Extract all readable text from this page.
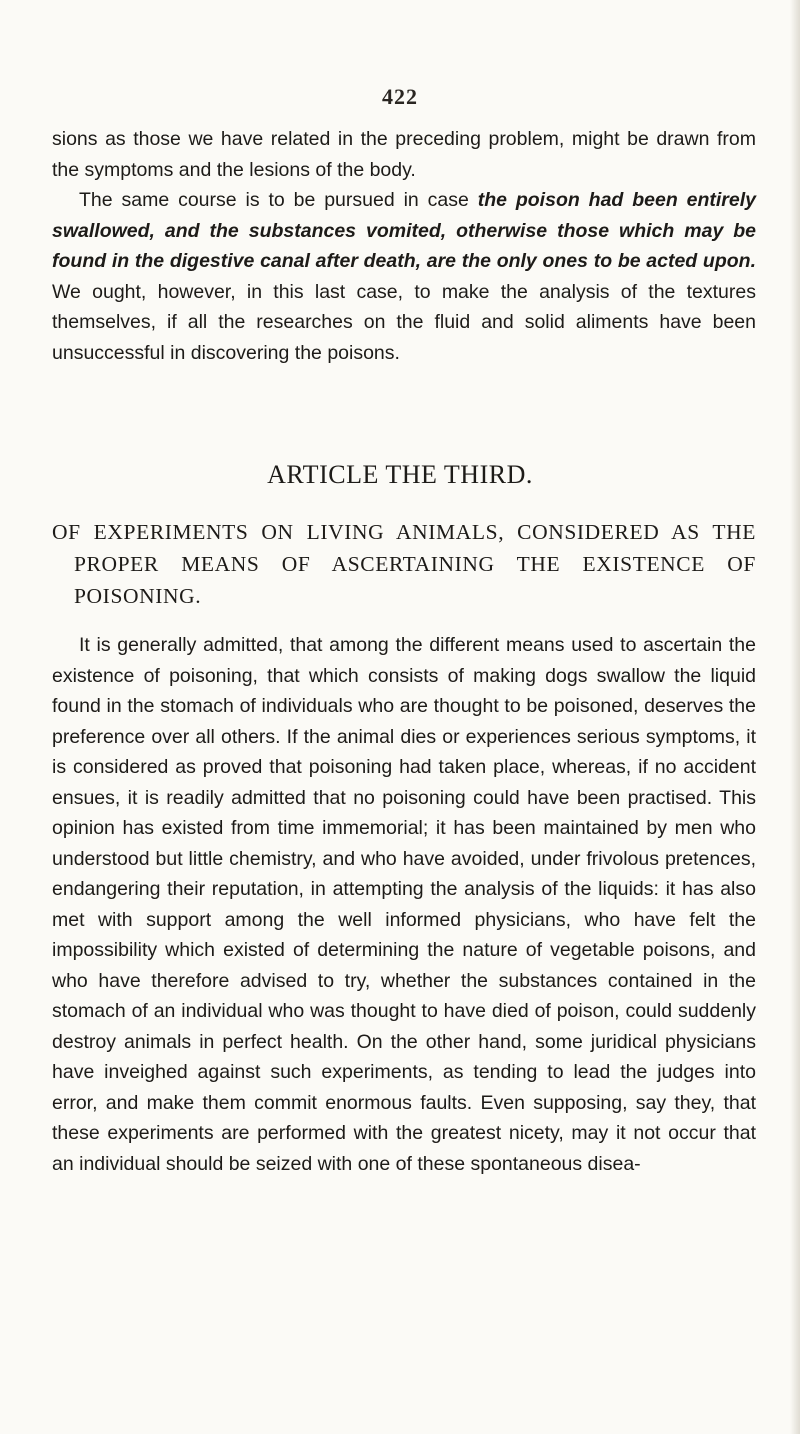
422

sions as those we have related in the preceding problem, might be drawn from the symptoms and the lesions of the body.

The same course is to be pursued in case the poison had been entirely swallowed, and the substances vomited, otherwise those which may be found in the digestive canal after death, are the only ones to be acted upon. We ought, however, in this last case, to make the analysis of the textures themselves, if all the researches on the fluid and solid aliments have been unsuccessful in discovering the poisons.

ARTICLE THE THIRD.
OF EXPERIMENTS ON LIVING ANIMALS, CONSIDERED AS THE PROPER MEANS OF ASCERTAINING THE EXISTENCE OF POISONING.

It is generally admitted, that among the different means used to ascertain the existence of poisoning, that which consists of making dogs swallow the liquid found in the stomach of individuals who are thought to be poisoned, deserves the preference over all others. If the animal dies or experiences serious symptoms, it is considered as proved that poisoning had taken place, whereas, if no accident ensues, it is readily admitted that no poisoning could have been practised. This opinion has existed from time immemorial; it has been maintained by men who understood but little chemistry, and who have avoided, under frivolous pretences, endangering their reputation, in attempting the analysis of the liquids: it has also met with support among the well informed physicians, who have felt the impossibility which existed of determining the nature of vegetable poisons, and who have therefore advised to try, whether the substances contained in the stomach of an individual who was thought to have died of poison, could suddenly destroy animals in perfect health. On the other hand, some juridical physicians have inveighed against such experiments, as tending to lead the judges into error, and make them commit enormous faults. Even supposing, say they, that these experiments are performed with the greatest nicety, may it not occur that an individual should be seized with one of these spontaneous disea-
